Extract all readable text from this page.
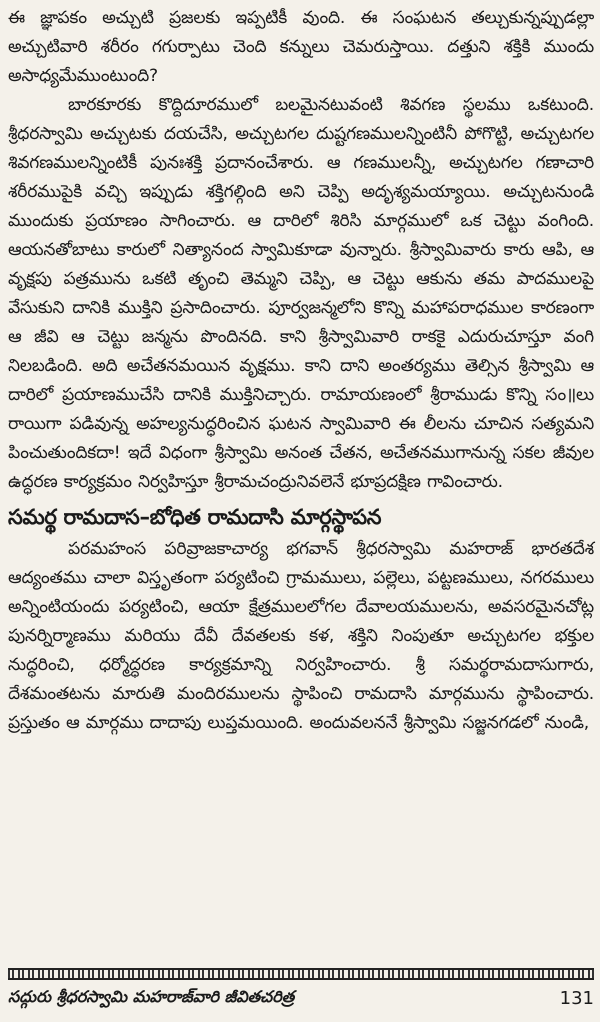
ఈ జ్ఞాపకం అచ్చుటి ప్రజలకు ఇప్పటికీ వుంది. ఈ సంఘటన తల్చుకున్నప్పుడల్లా అచ్చుటివారి శరీరం గగుర్పాటు చెంది కన్నులు చెమరుస్తాయి. దత్తుని శక్తికి ముందు అసాధ్యమేముంటుంది?

బారకూరకు కొద్దిదూరములో బలమైనటువంటి శివగణ స్థలము ఒకటుంది. శ్రీధరస్వామి అచ్చుటకు దయచేసి, అచ్చుటగల దుష్టగణములన్నింటినీ పోగొట్టి, అచ్చుటగల శివగణములన్నింటికీ పునఃశక్తి ప్రదానంచేశారు. ఆ గణములన్నీ, అచ్చుటగల గణాచారి శరీరముపైకి వచ్చి ఇప్పుడు శక్తిగల్గింది అని చెప్పి అదృశ్యమయ్యాయి. అచ్చుటనుండి ముందుకు ప్రయాణం సాగించారు. ఆ దారిలో శిరిసి మార్గములో ఒక చెట్టు వంగింది. ఆయనతోబాటు కారులో నిత్యానంద స్వామికూడా వున్నారు. శ్రీస్వామివారు కారు ఆపి, ఆ వృక్షపు పత్రమును ఒకటి తృంచి తెమ్మని చెప్పి, ఆ చెట్టు ఆకును తమ పాదములపై వేసుకుని దానికి ముక్తిని ప్రసాదించారు. పూర్వజన్మలోని కొన్ని మహాపరాధముల కారణంగా ఆ జీవి ఆ చెట్టు జన్మను పొందినది. కాని శ్రీస్వామివారి రాకకై ఎదురుచూస్తూ వంగి నిలబడింది. అది అచేతనమయిన వృక్షము. కాని దాని అంతర్యము తెల్సిన శ్రీస్వామి ఆ దారిలో ప్రయాణముచేసి దానికి ముక్తినిచ్చారు. రామాయణంలో శ్రీరాముడు కొన్ని సం॥లు రాయిగా పడివున్న అహల్యనుద్ధరించిన ఘటన స్వామివారి ఈ లీలను చూచిన సత్యమని పించుతుందికదా! ఇదే విధంగా శ్రీస్వామి అనంత చేతన, అచేతనముగానున్న సకల జీవుల ఉద్ధరణ కార్యక్రమం నిర్వహిస్తూ శ్రీరామచంద్రునివలెనే భూప్రదక్షిణ గావించారు.

సమర్థ రామదాస–బోధిత రామదాసి మార్గస్థాపన

పరమహంస పరివ్రాజకాచార్య భగవాన్ శ్రీధరస్వామి మహరాజ్ భారతదేశ ఆద్యంతము చాలా విస్తృతంగా పర్యటించి గ్రామములు, పల్లెలు, పట్టణములు, నగరములు అన్నింటియందు పర్యటించి, ఆయా క్షేత్రములలోగల దేవాలయములను, అవసరమైనచోట్ల పునర్నిర్మాణము మరియు దేవీ దేవతలకు కళ, శక్తిని నింపుతూ అచ్చుటగల భక్తుల నుద్ధరించి, ధర్మోద్ధరణ కార్యక్రమాన్ని నిర్వహించారు. శ్రీ సమర్థరామదాసుగారు, దేశమంతటను మారుతి మందిరములను స్థాపించి రామదాసి మార్గమును స్థాపించారు. ప్రస్తుతం ఆ మార్గము దాదాపు లుప్తమయింది. అందువలననే శ్రీస్వామి సజ్జనగడలో నుండి,

సద్గురు శ్రీధరస్వామి మహరాజ్‌వారి జీవితచరిత్ర	131
